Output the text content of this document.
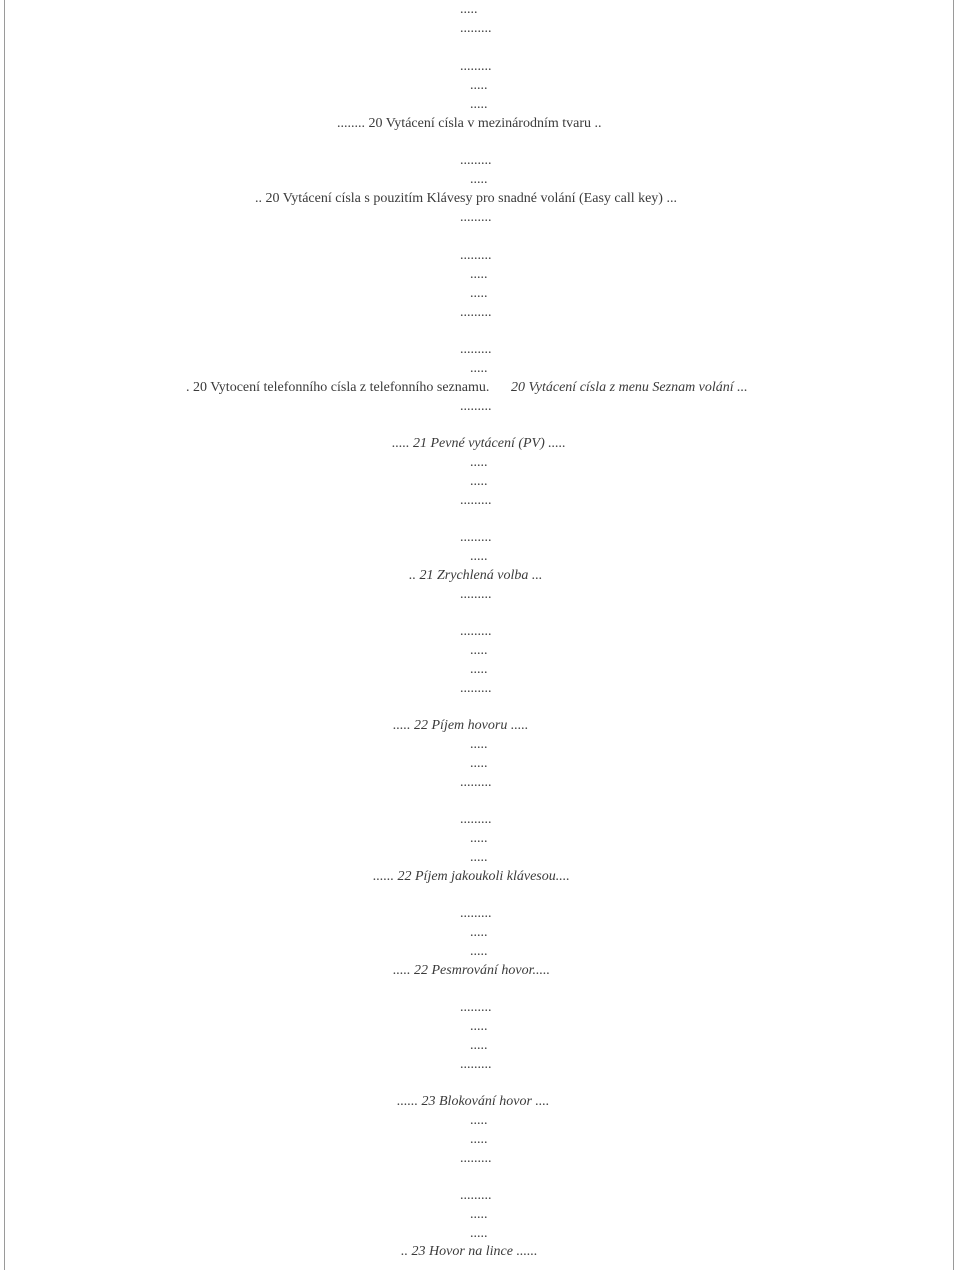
.....
.........
.........
.....
.....
........ 20 Vytácení císla v mezinárodním tvaru ..
.........
.....
.. 20 Vytácení císla s pouzitím Klávesy pro snadné volání (Easy call key) ...
.........
.........
.....
.....
.........
.........
.....
. 20 Vytocení telefonního císla z telefonního seznamu. 20 Vytácení císla z menu Seznam volání ...
.........
..... 21 Pevné vytácení (PV) .....
.....
.....
.........
.........
.....
.. 21 Zrychlená volba ...
.........
.........
.....
.....
.........
..... 22 Píjem hovoru .....
.....
.....
.........
.........
.....
.....
...... 22 Píjem jakoukoli klávesou....
.........
.....
.....
..... 22 Pesmrování hovor.....
.........
.....
.....
.........
...... 23 Blokování hovor ....
.....
.....
.........
.........
.....
.....
.. 23 Hovor na lince ......
